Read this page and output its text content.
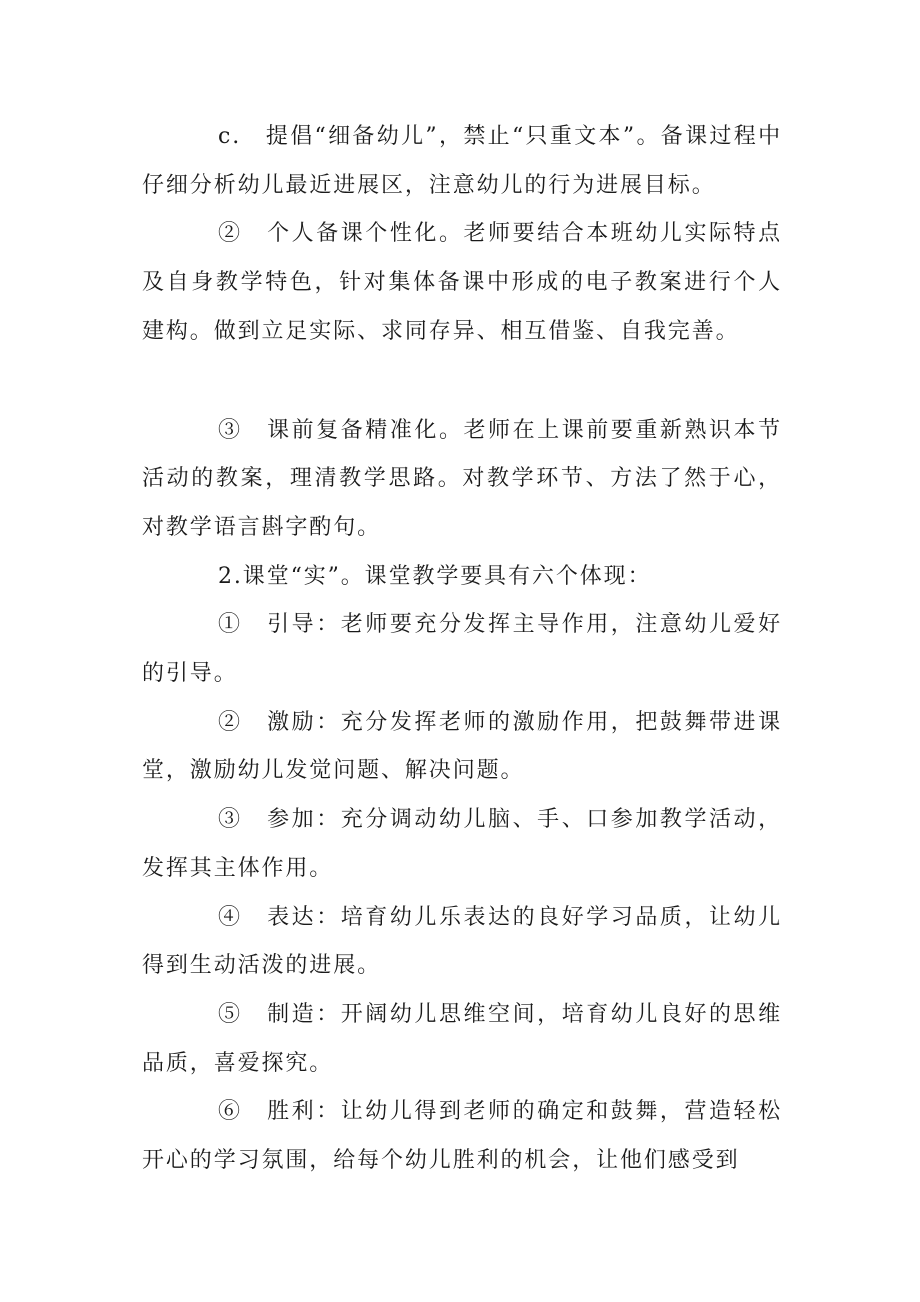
c.　提倡“细备幼儿”，禁止“只重文本”。备课过程中仔细分析幼儿最近进展区，注意幼儿的行为进展目标。

②　个人备课个性化。老师要结合本班幼儿实际特点及自身教学特色，针对集体备课中形成的电子教案进行个人建构。做到立足实际、求同存异、相互借鉴、自我完善。

③　课前复备精准化。老师在上课前要重新熟识本节活动的教案，理清教学思路。对教学环节、方法了然于心，对教学语言斟字酌句。

2.课堂“实”。课堂教学要具有六个体现：

①　引导：老师要充分发挥主导作用，注意幼儿爱好的引导。

②　激励：充分发挥老师的激励作用，把鼓舞带进课堂，激励幼儿发觉问题、解决问题。

③　参加：充分调动幼儿脑、手、口参加教学活动，发挥其主体作用。

④　表达：培育幼儿乐表达的良好学习品质，让幼儿得到生动活泼的进展。

⑤　制造：开阔幼儿思维空间，培育幼儿良好的思维品质，喜爱探究。

⑥　胜利：让幼儿得到老师的确定和鼓舞，营造轻松开心的学习氛围，给每个幼儿胜利的机会，让他们感受到
